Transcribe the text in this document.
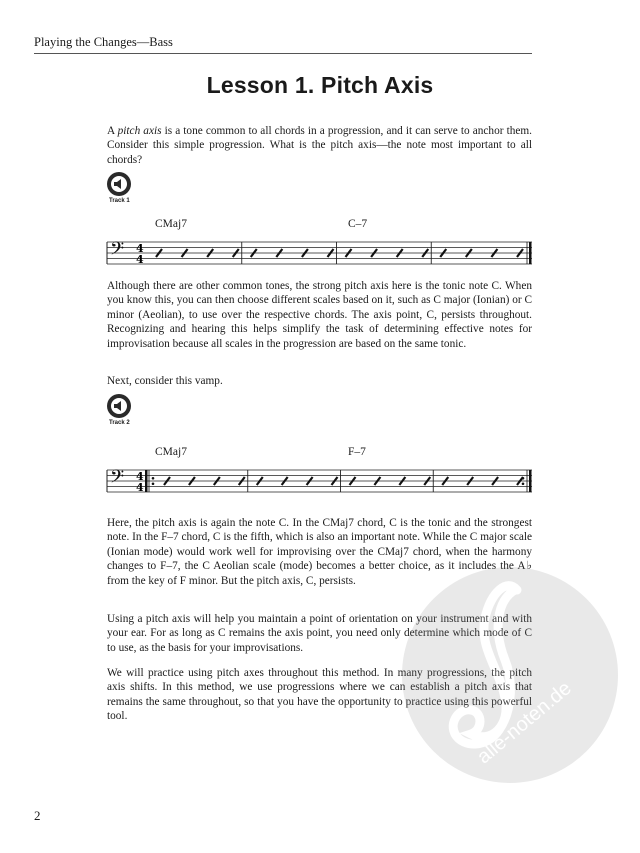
Playing the Changes—Bass
Lesson 1. Pitch Axis

A pitch axis is a tone common to all chords in a progression, and it can serve to anchor them. Consider this simple progression. What is the pitch axis—the note most important to all chords?

Track 1
CMaj7	C–7
𝄢 4
4

Although there are other common tones, the strong pitch axis here is the tonic note C. When you know this, you can then choose different scales based on it, such as C major (Ionian) or C minor (Aeolian), to use over the respective chords. The axis point, C, persists throughout. Recognizing and hearing this helps simplify the task of determining effective notes for improvisation because all scales in the progression are based on the same tonic.

Next, consider this vamp.

Track 2
CMaj7	F–7
𝄢 4
4

Here, the pitch axis is again the note C. In the CMaj7 chord, C is the tonic and the strongest note. In the F–7 chord, C is the fifth, which is also an important note. While the C major scale (Ionian mode) would work well for improvising over the CMaj7 chord, when the harmony changes to F–7, the C Aeolian scale (mode) becomes a better choice, as it includes the A♭ from the key of F minor. But the pitch axis, C, persists.

Using a pitch axis will help you maintain a point of orientation on your instrument and with your ear. For as long as C remains the axis point, you need only determine which mode of C to use, as the basis for your improvisations.

We will practice using pitch axes throughout this method. In many progressions, the pitch axis shifts. In this method, we use progressions where we can establish a pitch axis that remains the same throughout, so that you have the opportunity to practice using this powerful tool.	alle-noten.de
2
